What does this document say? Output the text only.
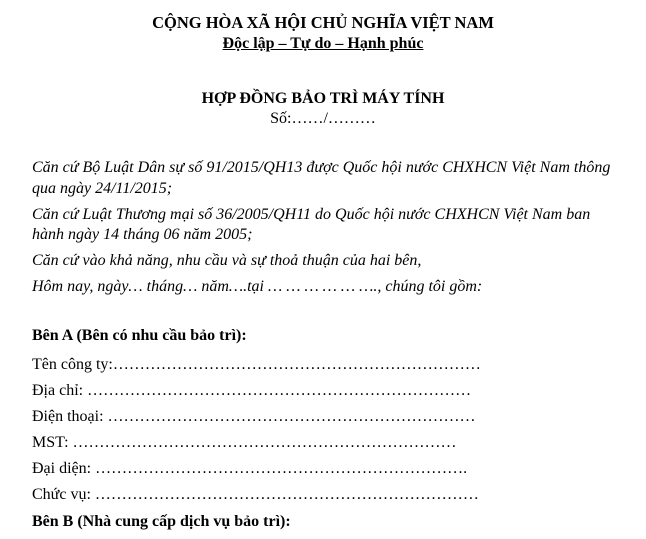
CỘNG HÒA XÃ HỘI CHỦ NGHĨA VIỆT NAM
Độc lập – Tự do – Hạnh phúc
HỢP ĐỒNG BẢO TRÌ MÁY TÍNH
Số:……/………
Căn cứ Bộ Luật Dân sự số 91/2015/QH13 được Quốc hội nước CHXHCN Việt Nam thông
qua ngày 24/11/2015;
Căn cứ Luật Thương mại số 36/2005/QH11 do Quốc hội nước CHXHCN Việt Nam ban
hành ngày 14 tháng 06 năm 2005;
Căn cứ vào khả năng, nhu cầu và sự thoả thuận của hai bên,
Hôm nay, ngày… tháng… năm….tại … … … … … …., chúng tôi gồm:
Bên A (Bên có nhu cầu bảo trì):
Tên công ty:……………………………………………………………
Địa chỉ: ………………………………………………………………
Điện thoại: ……………………………………………………………
MST: ………………………………………………………………
Đại diện: …………………………………………………………….
Chức vụ: ………………………………………………………………
Bên B (Nhà cung cấp dịch vụ bảo trì):
